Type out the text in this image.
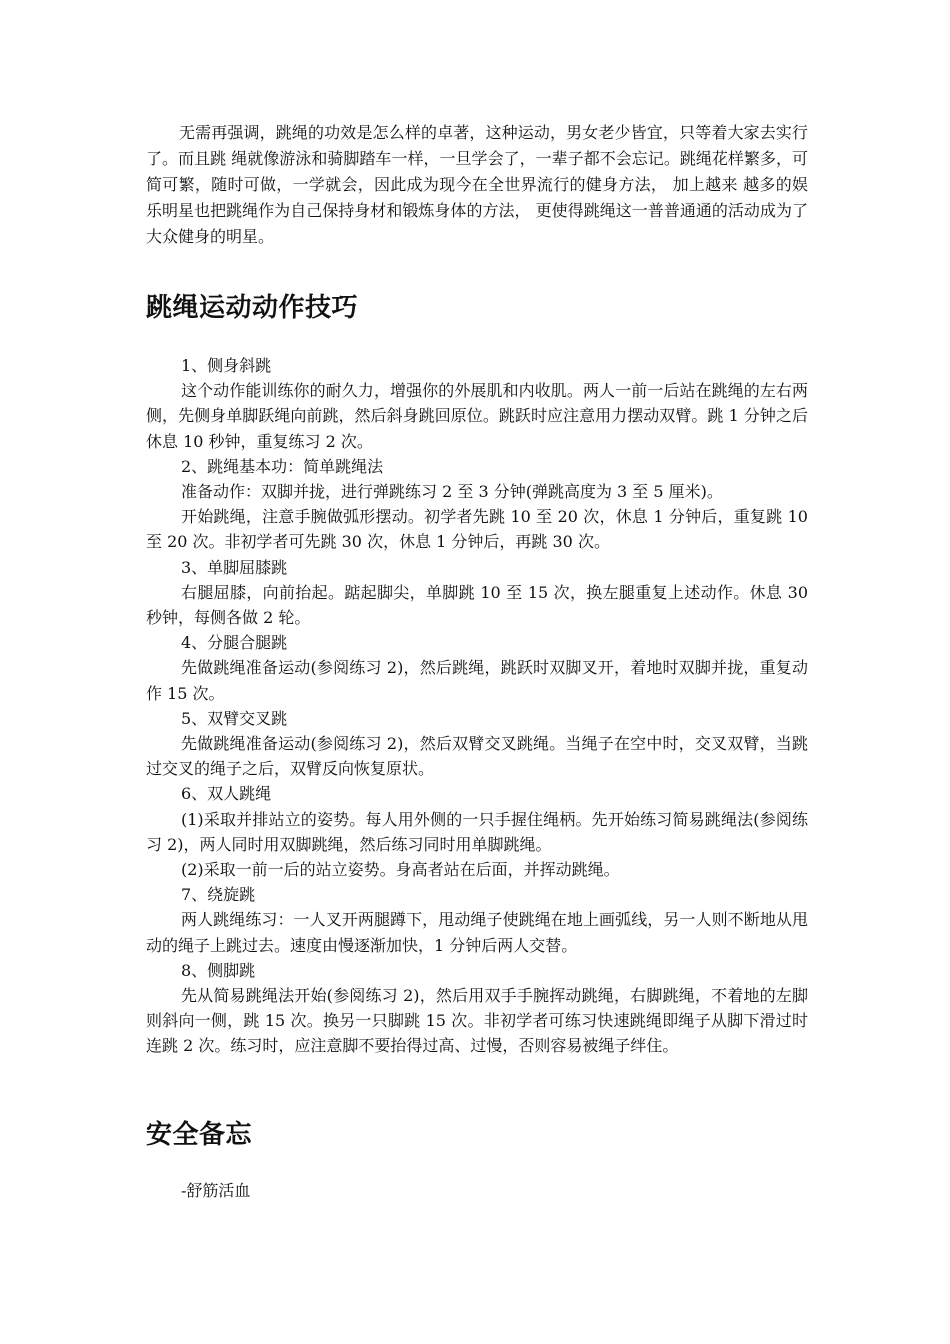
无需再强调，跳绳的功效是怎么样的卓著，这种运动，男女老少皆宜，只等着大家去实行了。而且跳 绳就像游泳和骑脚踏车一样，一旦学会了，一辈子都不会忘记。跳绳花样繁多，可简可繁，随时可做，一学就会，因此成为现今在全世界流行的健身方法， 加上越来 越多的娱乐明星也把跳绳作为自己保持身材和锻炼身体的方法， 更使得跳绳这一普普通通的活动成为了大众健身的明星。

跳绳运动动作技巧

1、侧身斜跳

这个动作能训练你的耐久力，增强你的外展肌和内收肌。两人一前一后站在跳绳的左右两侧，先侧身单脚跃绳向前跳，然后斜身跳回原位。跳跃时应注意用力摆动双臂。跳 1 分钟之后休息 10 秒钟，重复练习 2 次。

2、跳绳基本功：简单跳绳法

准备动作：双脚并拢，进行弹跳练习 2 至 3 分钟(弹跳高度为 3 至 5 厘米)。

开始跳绳，注意手腕做弧形摆动。初学者先跳 10 至 20 次，休息 1 分钟后，重复跳 10 至 20 次。非初学者可先跳 30 次，休息 1 分钟后，再跳 30 次。

3、单脚屈膝跳

右腿屈膝，向前抬起。踮起脚尖，单脚跳 10 至 15 次，换左腿重复上述动作。休息 30 秒钟，每侧各做 2 轮。

4、分腿合腿跳

先做跳绳准备运动(参阅练习 2)，然后跳绳，跳跃时双脚叉开，着地时双脚并拢，重复动作 15 次。

5、双臂交叉跳

先做跳绳准备运动(参阅练习 2)，然后双臂交叉跳绳。当绳子在空中时，交叉双臂，当跳过交叉的绳子之后，双臂反向恢复原状。

6、双人跳绳

(1)采取并排站立的姿势。每人用外侧的一只手握住绳柄。先开始练习简易跳绳法(参阅练习 2)，两人同时用双脚跳绳，然后练习同时用单脚跳绳。

(2)采取一前一后的站立姿势。身高者站在后面，并挥动跳绳。

7、绕旋跳

两人跳绳练习：一人叉开两腿蹲下，甩动绳子使跳绳在地上画弧线，另一人则不断地从甩动的绳子上跳过去。速度由慢逐渐加快，1 分钟后两人交替。

8、侧脚跳

先从简易跳绳法开始(参阅练习 2)，然后用双手手腕挥动跳绳，右脚跳绳，不着地的左脚则斜向一侧，跳 15 次。换另一只脚跳 15 次。非初学者可练习快速跳绳即绳子从脚下滑过时连跳 2 次。练习时，应注意脚不要抬得过高、过慢，否则容易被绳子绊住。

安全备忘

-舒筋活血
